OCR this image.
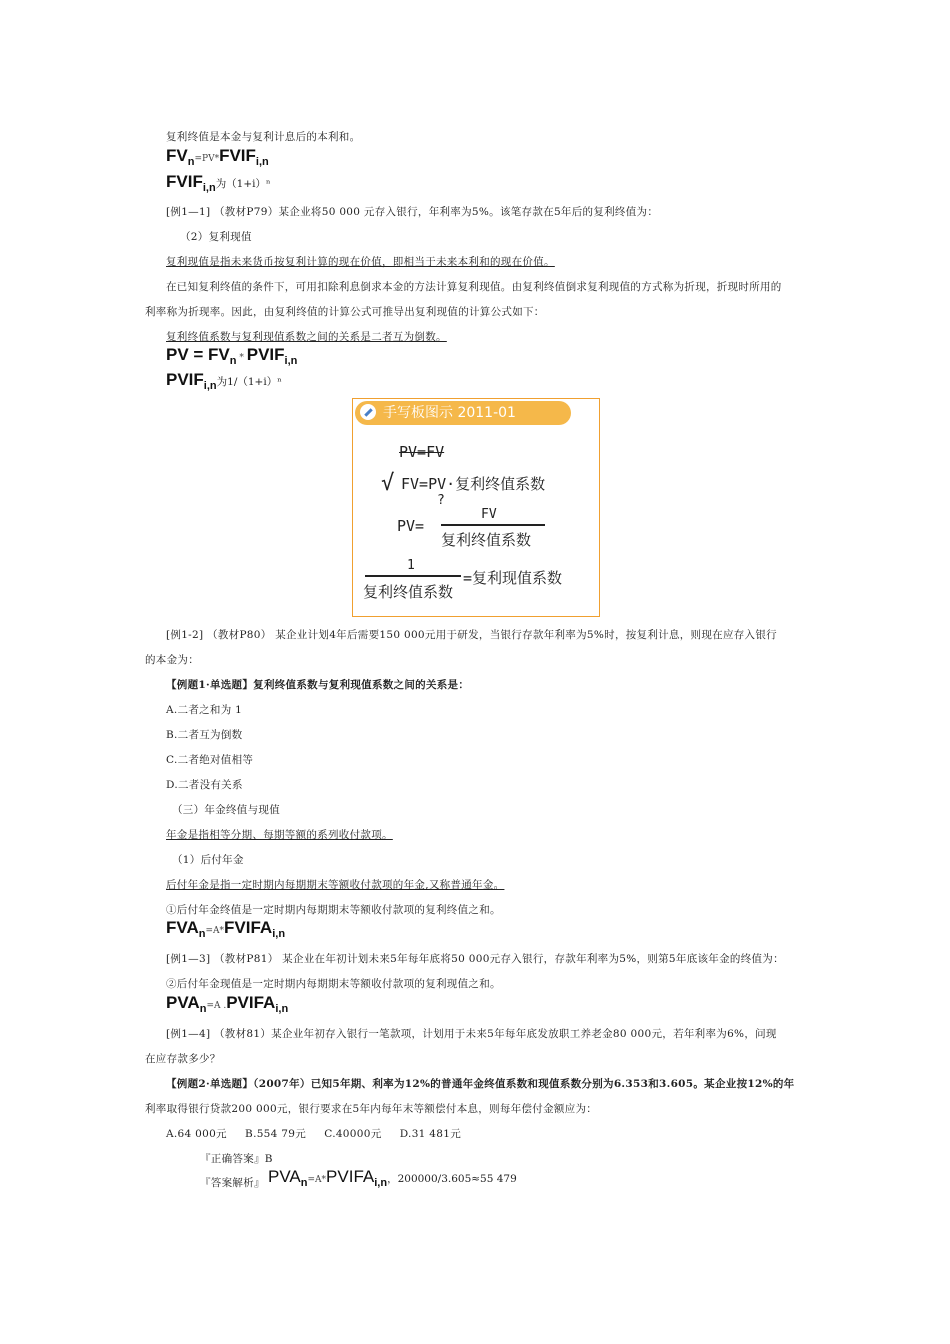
复利终值是本金与复利计息后的本利和。
$FV_n=PV*FVIF_{i,n}$
$FVIF_{i,n}$为（1+i）ⁿ
[例1—1] （教材P79）某企业将50 000 元存入银行，年利率为5%。该笔存款在5年后的复利终值为：
（2）复利现值
复利现值是指未来货币按复利计算的现在价值，即相当于未来本利和的现在价值。
在已知复利终值的条件下，可用扣除利息倒求本金的方法计算复利现值。由复利终值倒求复利现值的方式称为折现，折现时所用的
利率称为折现率。因此，由复利终值的计算公式可推导出复利现值的计算公式如下：
复利终值系数与复利现值系数之间的关系是二者互为倒数。
PV = $FV_n$ * $PVIF_{i,n}$
$PVIF_{i,n}$为1/（1+i）ⁿ
手写板图示 2011-01
PV=FV
√ FV=PV·复利终值系数
?
PV=
FV
复利终值系数
1
复利终值系数
=复利现值系数
[例1-2] （教材P80） 某企业计划4年后需要150 000元用于研发，当银行存款年利率为5%时，按复利计息，则现在应存入银行
的本金为：
【例题1·单选题】复利终值系数与复利现值系数之间的关系是：
A.二者之和为 1
B.二者互为倒数
C.二者绝对值相等
D.二者没有关系
（三）年金终值与现值
年金是指相等分期、每期等额的系列收付款项。
（1）后付年金
后付年金是指一定时期内每期期末等额收付款项的年金,又称普通年金。
①后付年金终值是一定时期内每期期末等额收付款项的复利终值之和。
$FVA_n=A*FVIFA_{i,n}$
[例1—3] （教材P81） 某企业在年初计划未来5年每年底将50 000元存入银行，存款年利率为5%，则第5年底该年金的终值为：
②后付年金现值是一定时期内每期期末等额收付款项的复利现值之和。
$PVA_n=A$ $.PVIFA_{i,n}$
[例1—4] （教材81）某企业年初存入银行一笔款项，计划用于未来5年每年底发放职工养老金80 000元，若年利率为6%，问现
在应存款多少？
【例题2·单选题】（2007年）已知5年期、利率为12%的普通年金终值系数和现值系数分别为6.353和3.605。某企业按12%的年
利率取得银行贷款200 000元，银行要求在5年内每年末等额偿付本息，则每年偿付金额应为：
A.64 000元     B.554 79元     C.40000元     D.31 481元
『正确答案』B
『答案解析』 $PVA_n=A*PVIFA_{i,n}$，200000/3.605≈55 479
